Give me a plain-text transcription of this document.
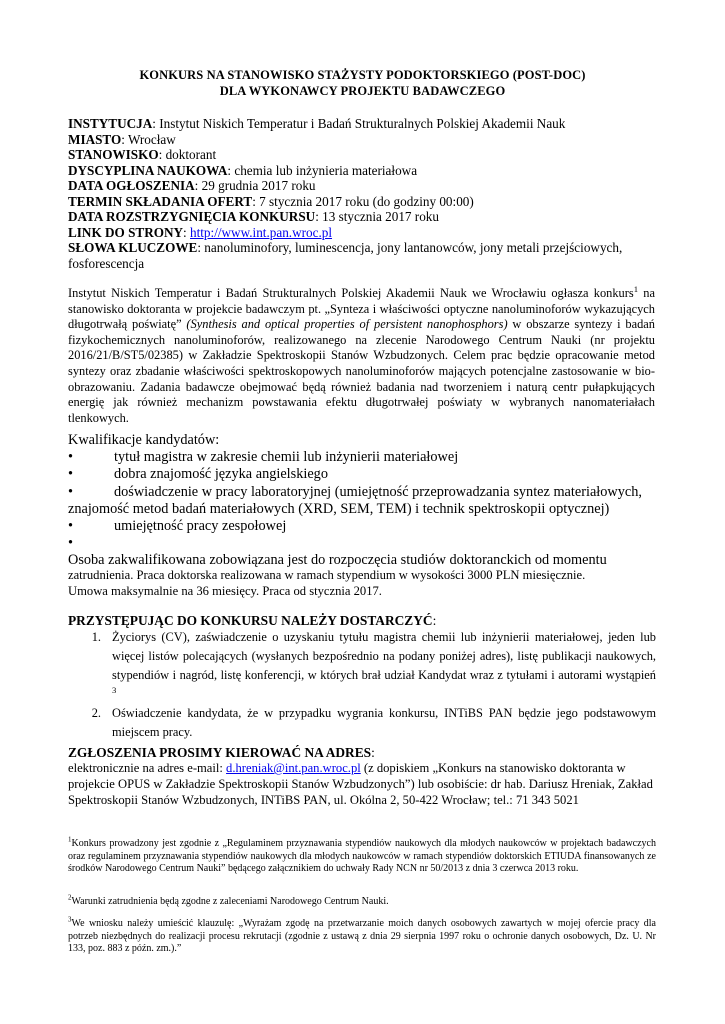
KONKURS NA STANOWISKO STAŻYSTY PODOKTORSKIEGO (POST-DOC)
DLA WYKONAWCY PROJEKTU BADAWCZEGO
INSTYTUCJA: Instytut Niskich Temperatur i Badań Strukturalnych Polskiej Akademii Nauk
MIASTO: Wrocław
STANOWISKO: doktorant
DYSCYPLINA NAUKOWA: chemia lub inżynieria materiałowa
DATA OGŁOSZENIA: 29 grudnia 2017 roku
TERMIN SKŁADANIA OFERT: 7 stycznia 2017 roku (do godziny 00:00)
DATA ROZSTRZYGNIĘCIA KONKURSU: 13 stycznia 2017 roku
LINK DO STRONY: http://www.int.pan.wroc.pl
SŁOWA KLUCZOWE: nanoluminofory, luminescencja, jony lantanowców, jony metali przejściowych,
fosforescencja
Instytut Niskich Temperatur i Badań Strukturalnych Polskiej Akademii Nauk we Wrocławiu ogłasza konkurs$^1$ na stanowisko doktoranta w projekcie badawczym pt. „Synteza i właściwości optyczne nanoluminoforów wykazujących długotrwałą poświatę” (Synthesis and optical properties of persistent nanophosphors) w obszarze syntezy i badań fizykochemicznych nanoluminoforów, realizowanego na zlecenie Narodowego Centrum Nauki (nr projektu 2016/21/B/ST5/02385) w Zakładzie Spektroskopii Stanów Wzbudzonych. Celem prac będzie opracowanie metod syntezy oraz zbadanie właściwości spektroskopowych nanoluminoforów mających potencjalne zastosowanie w bio-obrazowaniu. Zadania badawcze obejmować będą również badania nad tworzeniem i naturą centr pułapkujących energię jak również mechanizm powstawania efektu długotrwałej poświaty w wybranych nanomateriałach tlenkowych.
Kwalifikacje kandydatów:
•	tytuł magistra w zakresie chemii lub inżynierii materiałowej
•	dobra znajomość języka angielskiego
•	doświadczenie w pracy laboratoryjnej (umiejętność przeprowadzania syntez materiałowych,
znajomość metod badań materiałowych (XRD, SEM, TEM) i technik spektroskopii optycznej)
•	umiejętność pracy zespołowej
•
Osoba zakwalifikowana zobowiązana jest do rozpoczęcia studiów doktoranckich od momentu
zatrudnienia. Praca doktorska realizowana w ramach stypendium w wysokości 3000 PLN miesięcznie.
Umowa maksymalnie na 36 miesięcy. Praca od stycznia 2017.
PRZYSTĘPUJĄC DO KONKURSU NALEŻY DOSTARCZYĆ:
1. Życiorys (CV), zaświadczenie o uzyskaniu tytułu magistra chemii lub inżynierii materiałowej, jeden lub więcej listów polecających (wysłanych bezpośrednio na podany poniżej adres), listę publikacji naukowych, stypendiów i nagród, listę konferencji, w których brał udział Kandydat wraz z tytułami i autorami wystąpień $^3$
2. Oświadczenie kandydata, że w przypadku wygrania konkursu, INTiBS PAN będzie jego podstawowym miejscem pracy.
ZGŁOSZENIA PROSIMY KIEROWAĆ NA ADRES:
elektronicznie na adres e-mail: d.hreniak@int.pan.wroc.pl (z dopiskiem „Konkurs na stanowisko doktoranta w projekcie OPUS w Zakładzie Spektroskopii Stanów Wzbudzonych”) lub osobiście: dr hab. Dariusz Hreniak, Zakład Spektroskopii Stanów Wzbudzonych, INTiBS PAN, ul. Okólna 2, 50-422 Wrocław; tel.: 71 343 5021
$^1$Konkurs prowadzony jest zgodnie z „Regulaminem przyznawania stypendiów naukowych dla młodych naukowców w projektach badawczych oraz regulaminem przyznawania stypendiów naukowych dla młodych naukowców w ramach stypendiów doktorskich ETIUDA finansowanych ze środków Narodowego Centrum Nauki” będącego załącznikiem do uchwały Rady NCN nr 50/2013 z dnia 3 czerwca 2013 roku.
$^2$Warunki zatrudnienia będą zgodne z zaleceniami Narodowego Centrum Nauki.
$^3$We wniosku należy umieścić klauzulę: „Wyrażam zgodę na przetwarzanie moich danych osobowych zawartych w mojej ofercie pracy dla potrzeb niezbędnych do realizacji procesu rekrutacji (zgodnie z ustawą z dnia 29 sierpnia 1997 roku o ochronie danych osobowych, Dz. U. Nr 133, poz. 883 z późn. zm.).”
